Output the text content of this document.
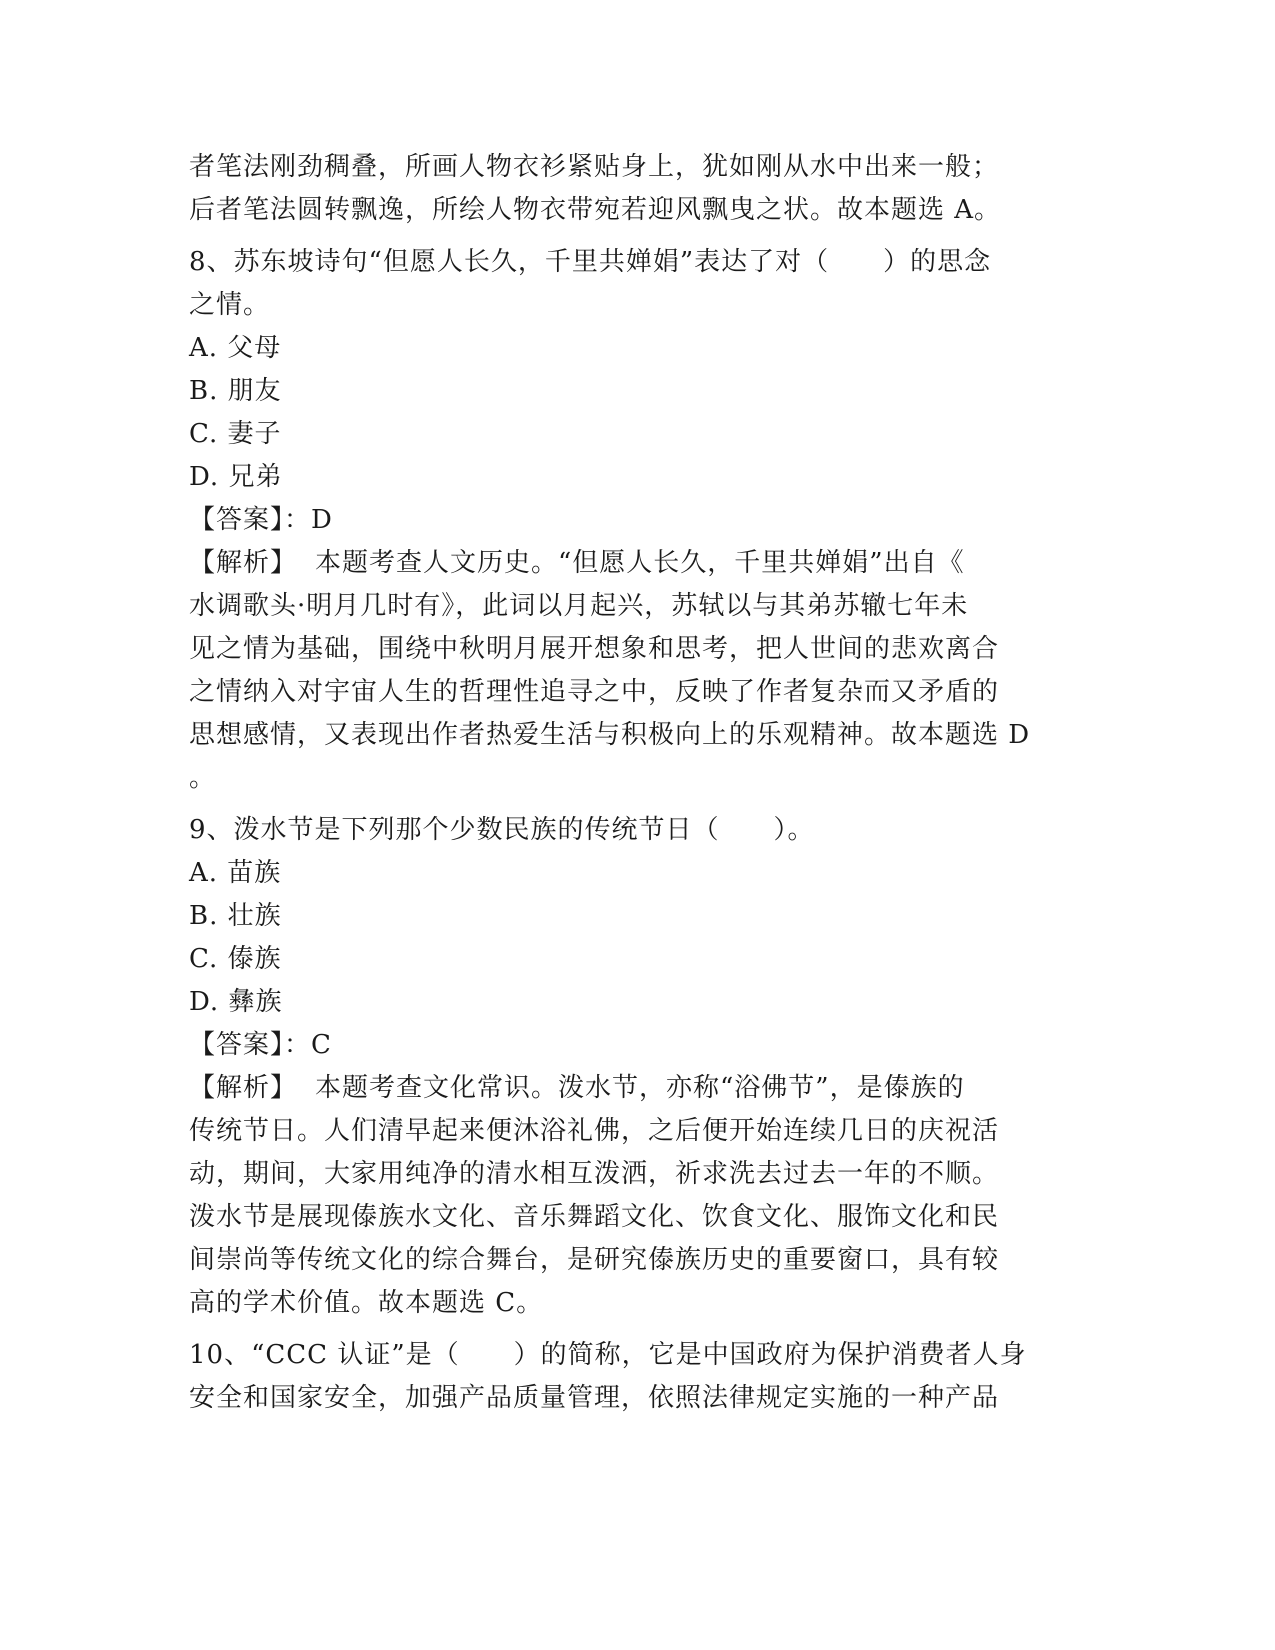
者笔法刚劲稠叠，所画人物衣衫紧贴身上，犹如刚从水中出来一般；
后者笔法圆转飘逸，所绘人物衣带宛若迎风飘曳之状。故本题选 A。
8、苏东坡诗句“但愿人长久，千里共婵娟”表达了对（　　）的思念
之情。
A. 父母
B. 朋友
C. 妻子
D. 兄弟
【答案】：D
【解析】 本题考查人文历史。“但愿人长久，千里共婵娟”出自《
水调歌头·明月几时有》，此词以月起兴，苏轼以与其弟苏辙七年未
见之情为基础，围绕中秋明月展开想象和思考，把人世间的悲欢离合
之情纳入对宇宙人生的哲理性追寻之中，反映了作者复杂而又矛盾的
思想感情，又表现出作者热爱生活与积极向上的乐观精神。故本题选 D
。
9、泼水节是下列那个少数民族的传统节日（　　）。
A. 苗族
B. 壮族
C. 傣族
D. 彝族
【答案】：C
【解析】 本题考查文化常识。泼水节，亦称“浴佛节”，是傣族的
传统节日。人们清早起来便沐浴礼佛，之后便开始连续几日的庆祝活
动，期间，大家用纯净的清水相互泼洒，祈求洗去过去一年的不顺。
泼水节是展现傣族水文化、音乐舞蹈文化、饮食文化、服饰文化和民
间崇尚等传统文化的综合舞台，是研究傣族历史的重要窗口，具有较
高的学术价值。故本题选 C。
10、“CCC 认证”是（　　）的简称，它是中国政府为保护消费者人身
安全和国家安全，加强产品质量管理，依照法律规定实施的一种产品
